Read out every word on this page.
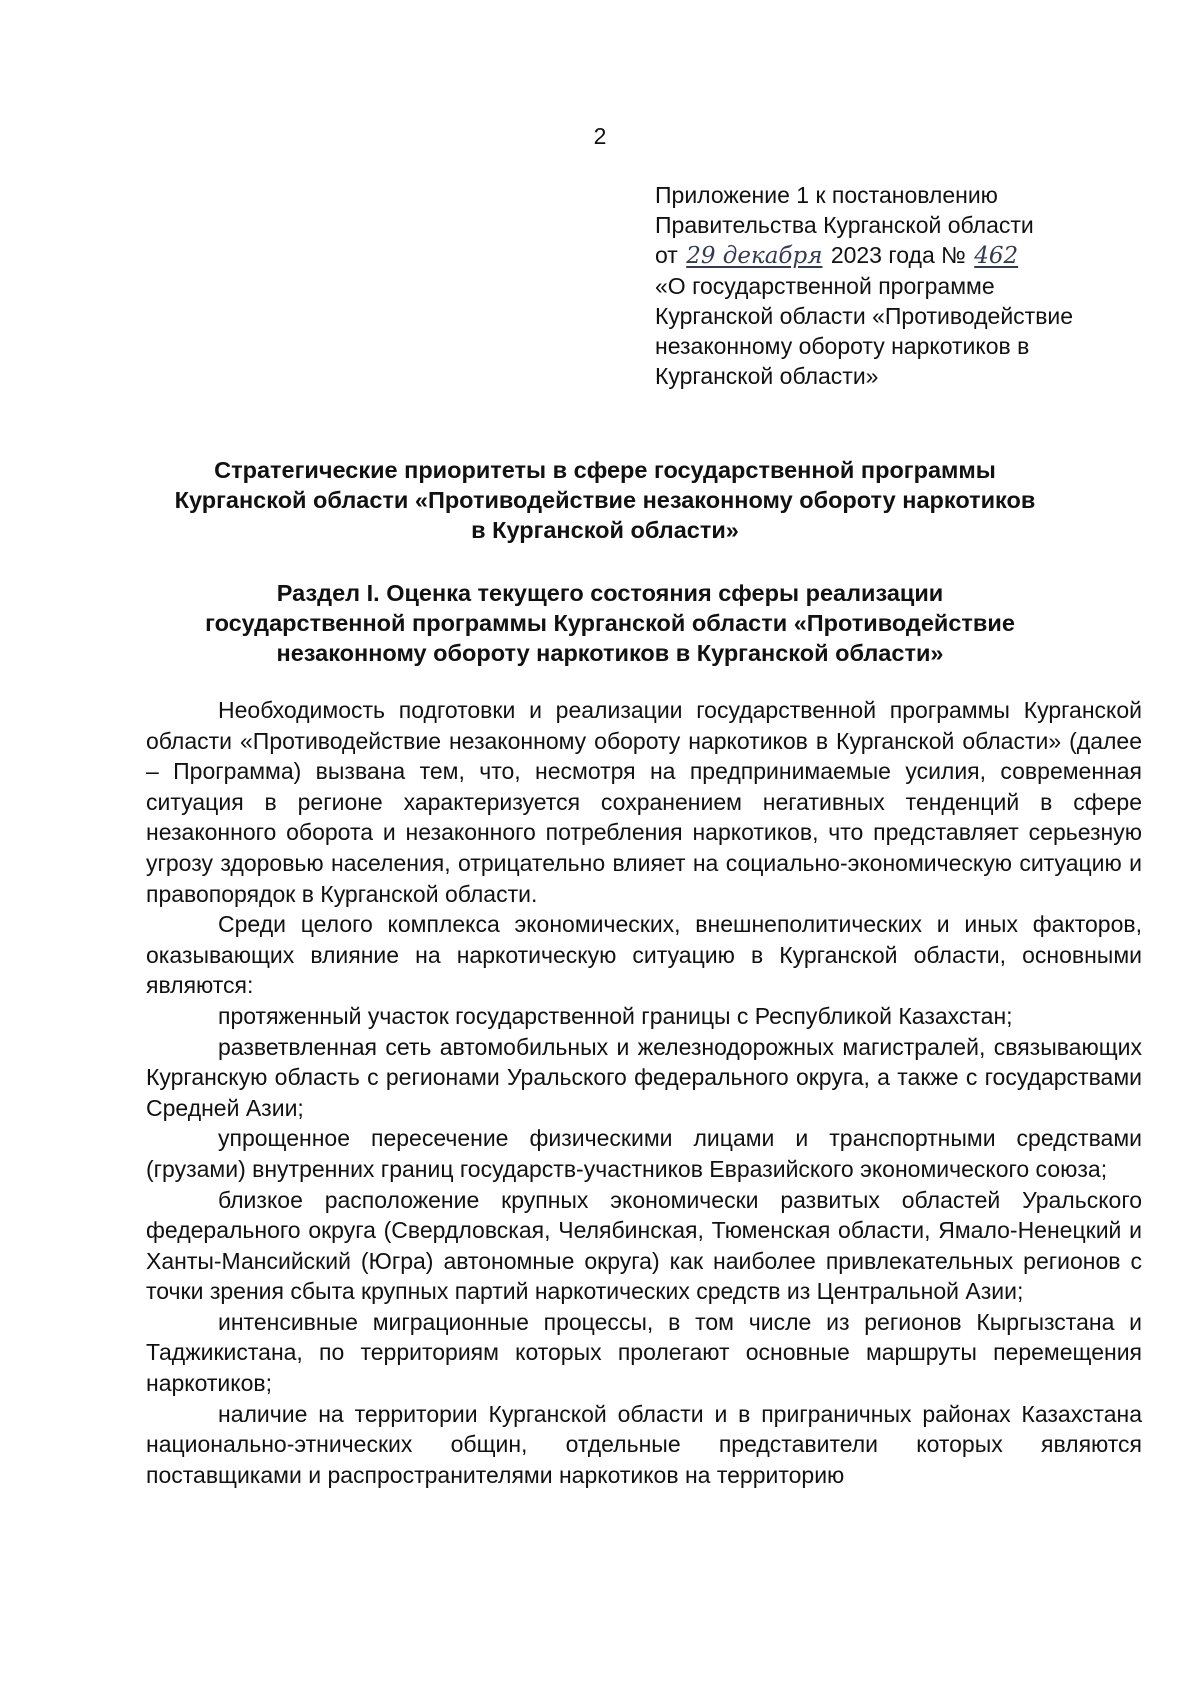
2
Приложение 1 к постановлению
Правительства Курганской области
от 29 декабря 2023 года № 462
«О государственной программе
Курганской области «Противодействие
незаконному обороту наркотиков в
Курганской области»
Стратегические приоритеты в сфере государственной программы
Курганской области «Противодействие незаконному обороту наркотиков
в Курганской области»
Раздел I. Оценка текущего состояния сферы реализации
государственной программы Курганской области «Противодействие
незаконному обороту наркотиков в Курганской области»

Необходимость подготовки и реализации государственной программы Курганской области «Противодействие незаконному обороту наркотиков в Курганской области» (далее – Программа) вызвана тем, что, несмотря на предпринимаемые усилия, современная ситуация в регионе характеризуется сохранением негативных тенденций в сфере незаконного оборота и незаконного потребления наркотиков, что представляет серьезную угрозу здоровью населения, отрицательно влияет на социально-экономическую ситуацию и правопорядок в Курганской области.

Среди целого комплекса экономических, внешнеполитических и иных факторов, оказывающих влияние на наркотическую ситуацию в Курганской области, основными являются:

протяженный участок государственной границы с Республикой Казахстан;

разветвленная сеть автомобильных и железнодорожных магистралей, связывающих Курганскую область с регионами Уральского федерального округа, а также с государствами Средней Азии;

упрощенное пересечение физическими лицами и транспортными средствами (грузами) внутренних границ государств-участников Евразийского экономического союза;

близкое расположение крупных экономически развитых областей Уральского федерального округа (Свердловская, Челябинская, Тюменская области, Ямало-Ненецкий и Ханты-Мансийский (Югра) автономные округа) как наиболее привлекательных регионов с точки зрения сбыта крупных партий наркотических средств из Центральной Азии;

интенсивные миграционные процессы, в том числе из регионов Кыргызстана и Таджикистана, по территориям которых пролегают основные маршруты перемещения наркотиков;

наличие на территории Курганской области и в приграничных районах Казахстана национально-этнических общин, отдельные представители которых являются поставщиками и распространителями наркотиков на территорию
